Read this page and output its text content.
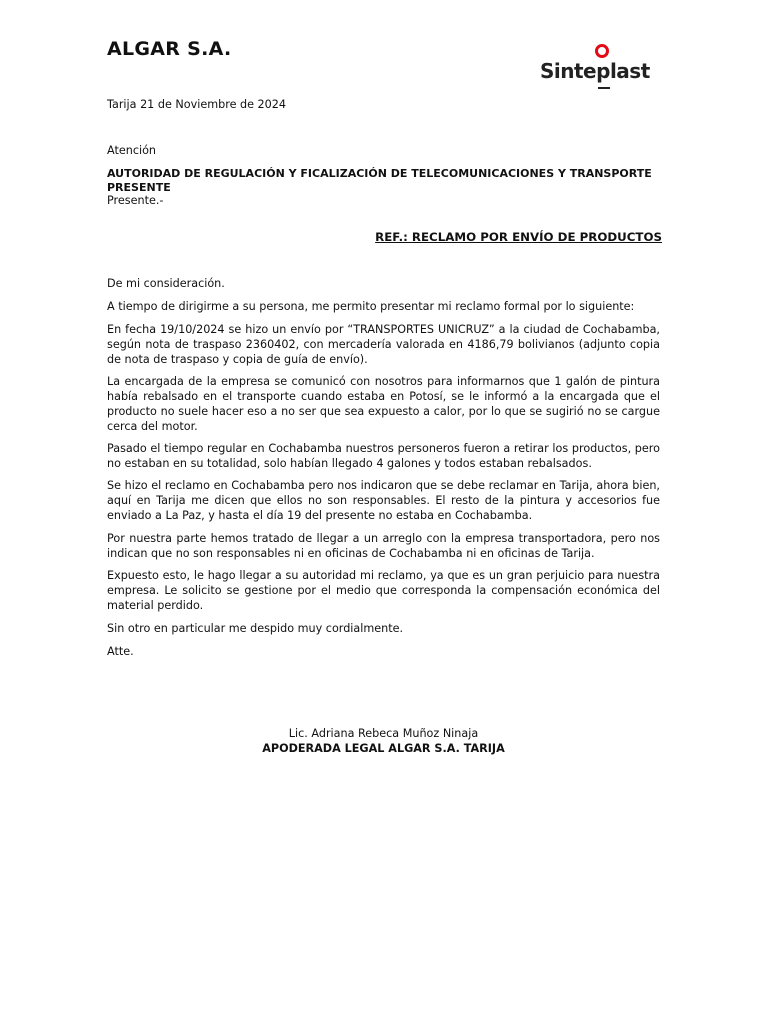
ALGAR S.A.
Sinteplast
Tarija 21 de Noviembre de 2024
Atención
AUTORIDAD DE REGULACIÓN Y FICALIZACIÓN DE TELECOMUNICACIONES Y TRANSPORTE
PRESENTE
Presente.-
REF.: RECLAMO POR ENVÍO DE PRODUCTOS
De mi consideración.
A tiempo de dirigirme a su persona, me permito presentar mi reclamo formal por lo siguiente:
En fecha 19/10/2024 se hizo un envío por “TRANSPORTES UNICRUZ” a la ciudad de Cochabamba, según nota de traspaso 2360402, con mercadería valorada en 4186,79 bolivianos (adjunto copia de nota de traspaso y copia de guía de envío).
La encargada de la empresa se comunicó con nosotros para informarnos que 1 galón de pintura había rebalsado en el transporte cuando estaba en Potosí, se le informó a la encargada que el producto no suele hacer eso a no ser que sea expuesto a calor, por lo que se sugirió no se cargue cerca del motor.
Pasado el tiempo regular en Cochabamba nuestros personeros fueron a retirar los productos, pero no estaban en su totalidad, solo habían llegado 4 galones y todos estaban rebalsados.
Se hizo el reclamo en Cochabamba pero nos indicaron que se debe reclamar en Tarija, ahora bien, aquí en Tarija me dicen que ellos no son responsables. El resto de la pintura y accesorios fue enviado a La Paz, y hasta el día 19 del presente no estaba en Cochabamba.
Por nuestra parte hemos tratado de llegar a un arreglo con la empresa transportadora, pero nos indican que no son responsables ni en oficinas de Cochabamba ni en oficinas de Tarija.
Expuesto esto, le hago llegar a su autoridad mi reclamo, ya que es un gran perjuicio para nuestra empresa. Le solicito se gestione por el medio que corresponda la compensación económica del material perdido.
Sin otro en particular me despido muy cordialmente.
Atte.
Lic. Adriana Rebeca Muñoz Ninaja
APODERADA LEGAL ALGAR S.A. TARIJA
